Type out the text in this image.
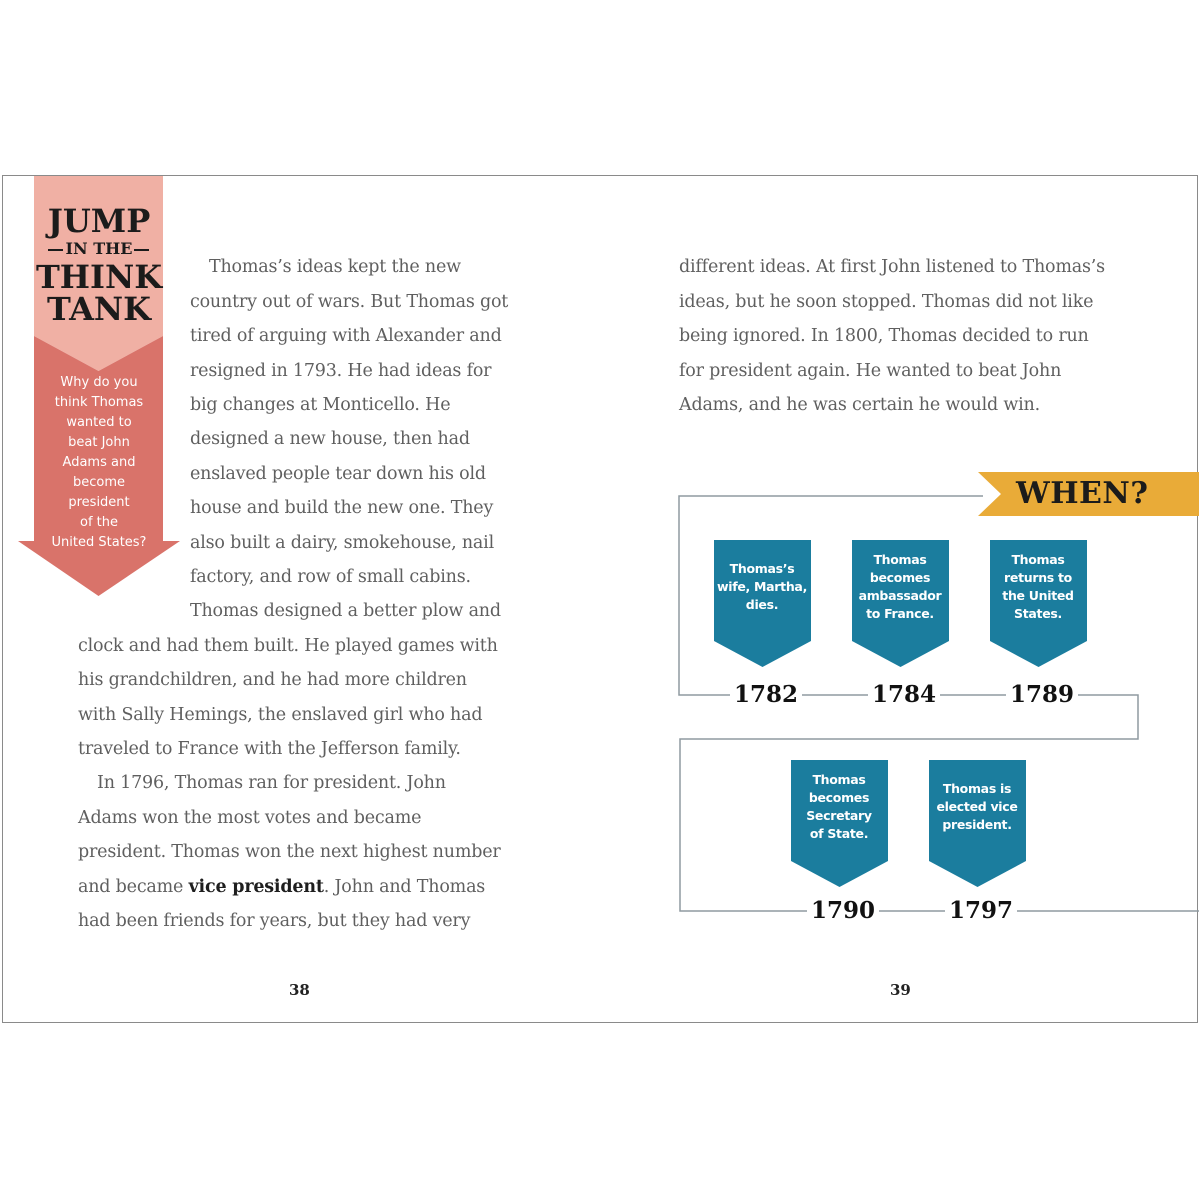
JUMP
IN THE
THINK
TANK
Why do you
think Thomas
wanted to
beat John
Adams and
become
president
of the
United States?
Thomas’s ideas kept the new
country out of wars. But Thomas got
tired of arguing with Alexander and
resigned in 1793. He had ideas for
big changes at Monticello. He
designed a new house, then had
enslaved people tear down his old
house and build the new one. They
also built a dairy, smokehouse, nail
factory, and row of small cabins.
Thomas designed a better plow and
clock and had them built. He played games with
his grandchildren, and he had more children
with Sally Hemings, the enslaved girl who had
traveled to France with the Jefferson family.
In 1796, Thomas ran for president. John
Adams won the most votes and became
president. Thomas won the next highest number
and became vice president. John and Thomas
had been friends for years, but they had very
38
different ideas. At first John listened to Thomas’s
ideas, but he soon stopped. Thomas did not like
being ignored. In 1800, Thomas decided to run
for president again. He wanted to beat John
Adams, and he was certain he would win.
WHEN?
Thomas’s
wife, Martha,
dies.
Thomas
becomes
ambassador
to France.
Thomas
returns to
the United
States.
Thomas
becomes
Secretary
of State.
Thomas is
elected vice
president.
1782	1784	1789
1790	1797
39
